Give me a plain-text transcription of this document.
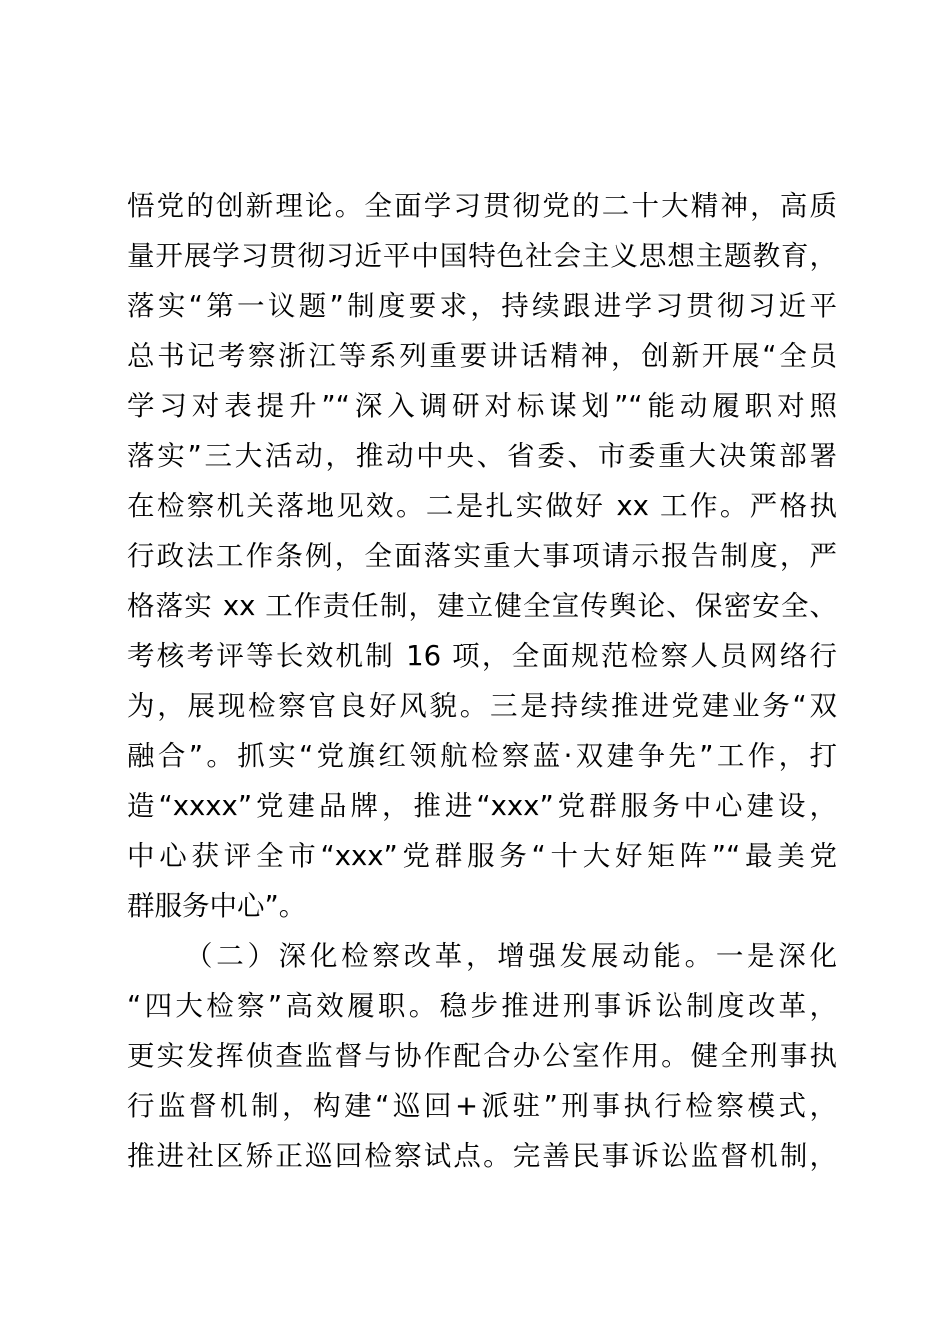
悟党的创新理论。全面学习贯彻党的二十大精神，高质
量开展学习贯彻习近平中国特色社会主义思想主题教育，
落实“第一议题”制度要求，持续跟进学习贯彻习近平
总书记考察浙江等系列重要讲话精神，创新开展“全员
学习对表提升”“深入调研对标谋划”“能动履职对照
落实”三大活动，推动中央、省委、市委重大决策部署
在检察机关落地见效。二是扎实做好 xx 工作。严格执
行政法工作条例，全面落实重大事项请示报告制度，严
格落实 xx 工作责任制，建立健全宣传舆论、保密安全、
考核考评等长效机制 16 项，全面规范检察人员网络行
为，展现检察官良好风貌。三是持续推进党建业务“双
融合”。抓实“党旗红领航检察蓝·双建争先”工作，打
造“xxxx”党建品牌，推进“xxx”党群服务中心建设，
中心获评全市“xxx”党群服务“十大好矩阵”“最美党
群服务中心”。
（二）深化检察改革，增强发展动能。一是深化
“四大检察”高效履职。稳步推进刑事诉讼制度改革，
更实发挥侦查监督与协作配合办公室作用。健全刑事执
行监督机制，构建“巡回+派驻”刑事执行检察模式，
推进社区矫正巡回检察试点。完善民事诉讼监督机制，
